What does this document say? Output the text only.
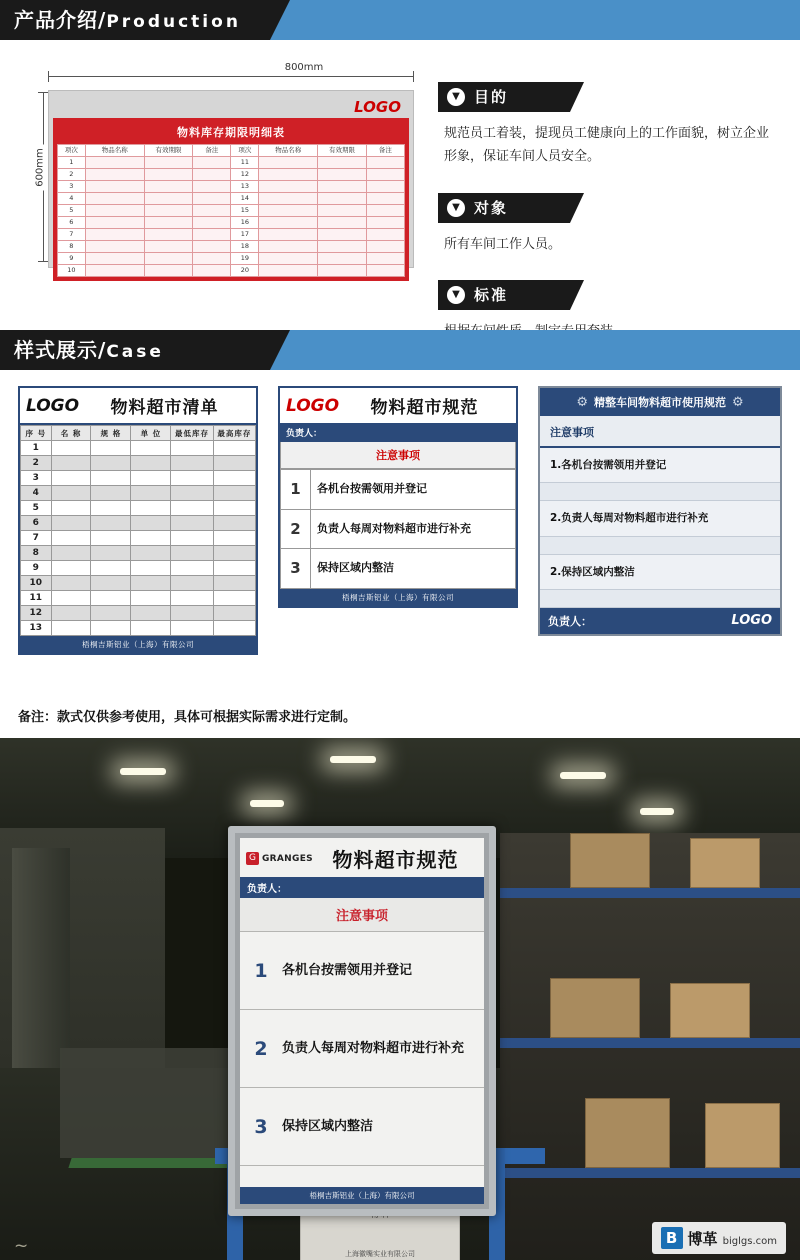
产品介绍/Production
800mm
600mm
LOGO
物料库存期限明细表
项次	物品名称	有效期限	备注	项次	物品名称	有效期限	备注
1				11			
2				12			
3				13			
4				14			
5				15			
6				16			
7				17			
8				18			
9				19			
10				20			
▼ 目的

规范员工着装，提现员工健康向上的工作面貌，树立企业形象，保证车间人员安全。

▼ 对象

所有车间工作人员。

▼ 标准

样式展示/Case
LOGO	物料超市清单
序 号	名 称	规 格	单 位	最低库存	最高库存
1					
2					
3					
4					
5					
6					
7					
8					
9					
10					
11					
12					
13					
梧桐吉斯铝业（上海）有限公司
LOGO	物料超市规范
负责人：
注意事项
1	各机台按需领用并登记
2	负责人每周对物料超市进行补充
3	保持区域内整洁
梧桐吉斯铝业（上海）有限公司
⚙ 精整车间物料超市使用规范 ⚙
注意事项
1.各机台按需领用并登记
2.负责人每周对物料超市进行补充
2.保持区域内整洁
负责人：	LOGO
备注：款式仅供参考使用，具体可根据实际需求进行定制。
上海徽嘴实业有限公司
G GRANGES 物料超市规范
负责人：
注意事项
1	各机台按需领用并登记
2	负责人每周对物料超市进行补充
3	保持区域内整洁
梧桐吉斯铝业（上海）有限公司
~	B 博革 biglgs.com
